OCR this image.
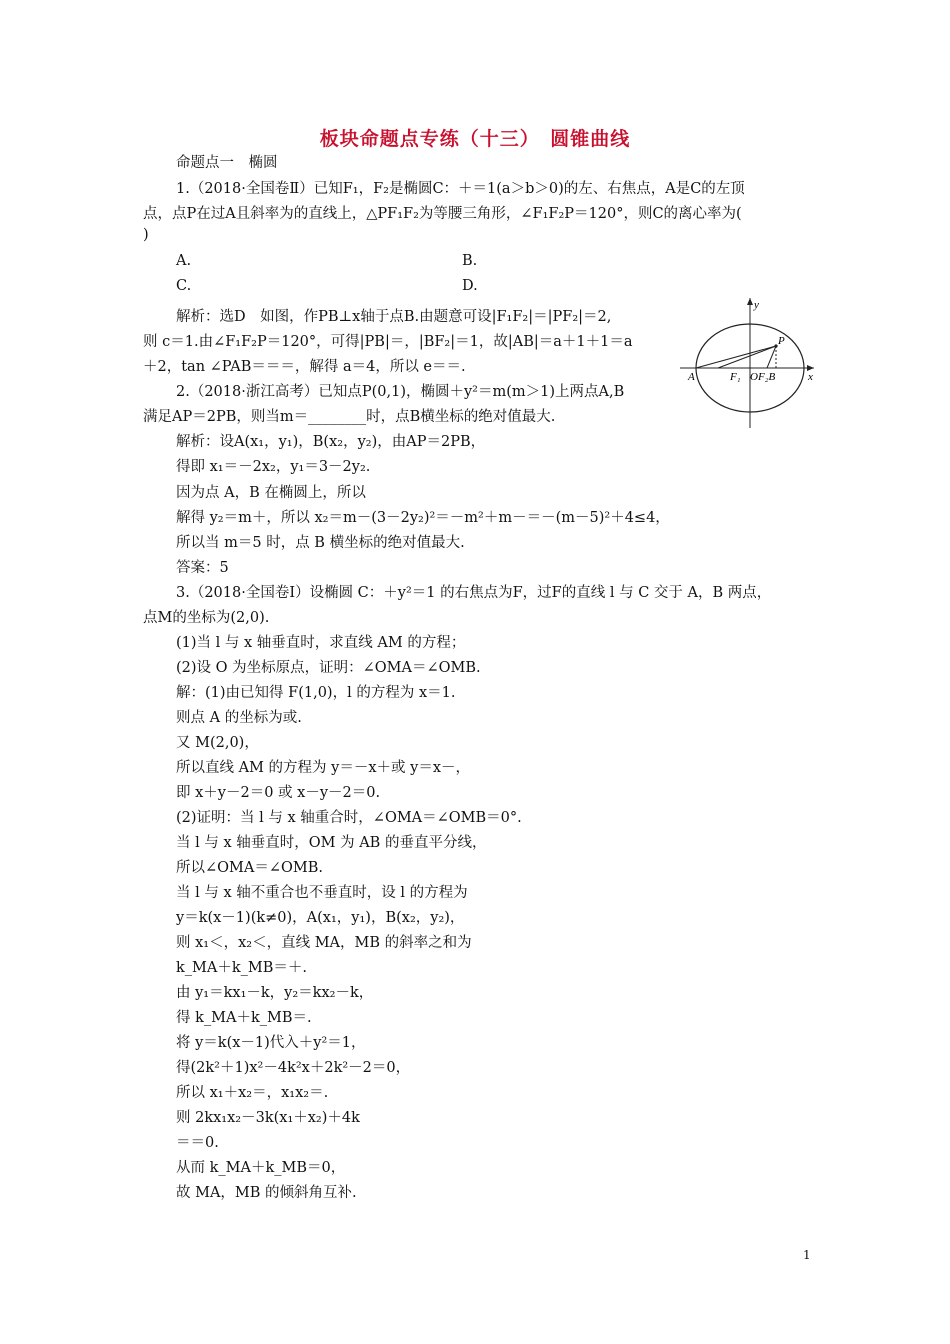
板块命题点专练（十三）　圆锥曲线
命题点一　椭圆
1.（2018·全国卷Ⅱ）已知F₁，F₂是椭圆C：＋＝1(a＞b＞0)的左、右焦点，A是C的左顶
点，点P在过A且斜率为的直线上，△PF₁F₂为等腰三角形，∠F₁F₂P＝120°，则C的离心率为(
)
A.
C.
解析：选D　如图，作PB⊥x轴于点B.由题意可设|F₁F₂|＝|PF₂|＝2,
则 c＝1.由∠F₁F₂P＝120°，可得|PB|＝，|BF₂|＝1，故|AB|＝a＋1＋1＝a
＋2，tan ∠PAB＝＝＝，解得 a＝4，所以 e＝＝.
2.（2018·浙江高考）已知点P(0,1)，椭圆＋y²＝m(m＞1)上两点A,B
满足AP＝2PB，则当m＝________时，点B横坐标的绝对值最大.
解析：设A(x₁，y₁)，B(x₂，y₂)，由AP＝2PB，
得即 x₁＝－2x₂，y₁＝3－2y₂.
因为点 A，B 在椭圆上，所以
解得 y₂＝m＋，所以 x₂＝m－(3－2y₂)²＝－m²＋m－＝－(m－5)²＋4≤4，
所以当 m＝5 时，点 B 横坐标的绝对值最大.
答案：5
3.（2018·全国卷Ⅰ）设椭圆 C：＋y²＝1 的右焦点为F，过F的直线 l 与 C 交于 A，B 两点，
点M的坐标为(2,0).
(1)当 l 与 x 轴垂直时，求直线 AM 的方程；
(2)设 O 为坐标原点，证明：∠OMA＝∠OMB.
解：(1)由已知得 F(1,0)，l 的方程为 x＝1.
则点 A 的坐标为或.
又 M(2,0)，
所以直线 AM 的方程为 y＝－x＋或 y＝x－，
即 x＋y－2＝0 或 x－y－2＝0.
(2)证明：当 l 与 x 轴重合时，∠OMA＝∠OMB＝0°.
当 l 与 x 轴垂直时，OM 为 AB 的垂直平分线，
所以∠OMA＝∠OMB.
当 l 与 x 轴不重合也不垂直时，设 l 的方程为
y＝k(x－1)(k≠0)，A(x₁，y₁)，B(x₂，y₂)，
则 x₁＜，x₂＜，直线 MA，MB 的斜率之和为
k_MA＋k_MB＝＋.
由 y₁＝kx₁－k，y₂＝kx₂－k，
得 k_MA＋k_MB＝.
将 y＝k(x－1)代入＋y²＝1，
得(2k²＋1)x²－4k²x＋2k²－2＝0，
所以 x₁＋x₂＝，x₁x₂＝.
则 2kx₁x₂－3k(x₁＋x₂)＋4k
＝＝0.
从而 k_MA＋k_MB＝0，
故 MA，MB 的倾斜角互补.
B.
D.
y
x
A	F₁ OF₂B
P
1
